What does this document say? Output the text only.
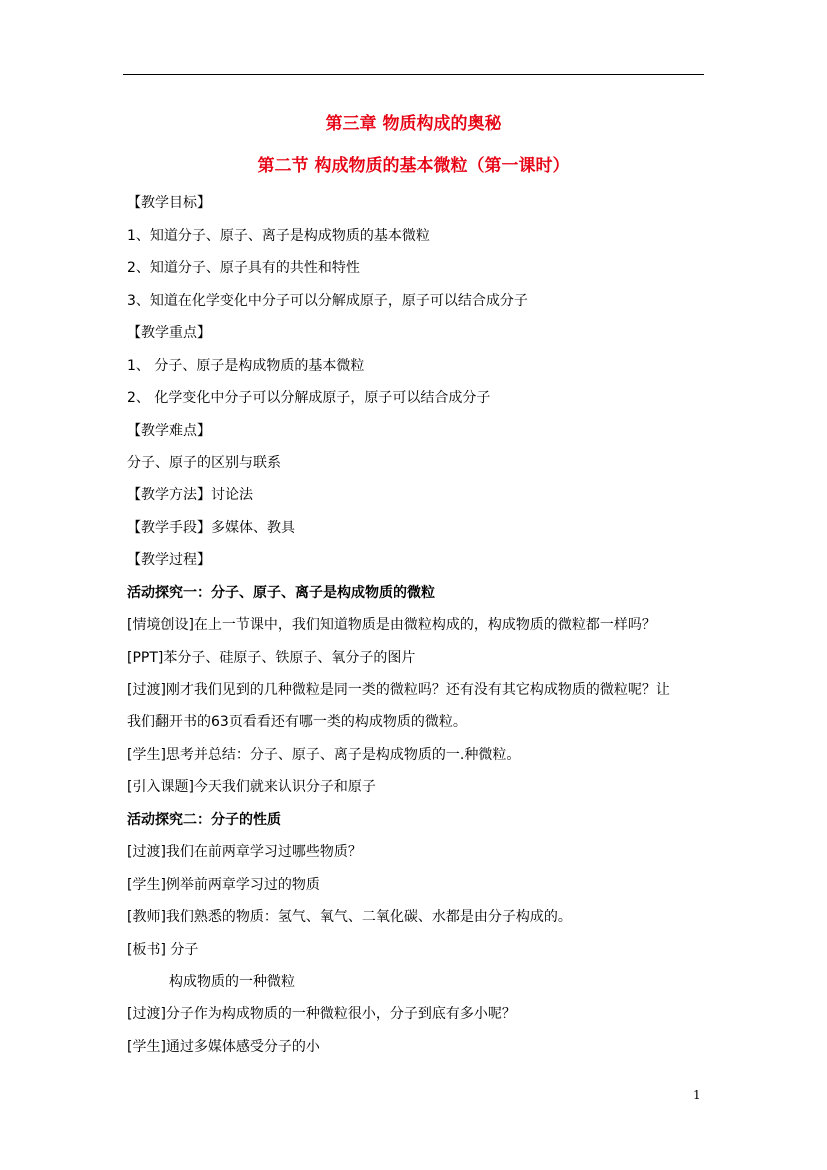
第三章 物质构成的奥秘
第二节 构成物质的基本微粒（第一课时）
【教学目标】
1、知道分子、原子、离子是构成物质的基本微粒
2、知道分子、原子具有的共性和特性
3、知道在化学变化中分子可以分解成原子，原子可以结合成分子
【教学重点】
1、 分子、原子是构成物质的基本微粒
2、 化学变化中分子可以分解成原子，原子可以结合成分子
【教学难点】
分子、原子的区别与联系
【教学方法】讨论法
【教学手段】多媒体、教具
【教学过程】
活动探究一：分子、原子、离子是构成物质的微粒
[情境创设]在上一节课中，我们知道物质是由微粒构成的，构成物质的微粒都一样吗？
[PPT]苯分子、硅原子、铁原子、氧分子的图片
[过渡]刚才我们见到的几种微粒是同一类的微粒吗？还有没有其它构成物质的微粒呢？让
我们翻开书的63页看看还有哪一类的构成物质的微粒。
[学生]思考并总结：分子、原子、离子是构成物质的一.种微粒。
[引入课题]今天我们就来认识分子和原子
活动探究二：分子的性质
[过渡]我们在前两章学习过哪些物质？
[学生]例举前两章学习过的物质
[教师]我们熟悉的物质：氢气、氧气、二氧化碳、水都是由分子构成的。
[板书] 分子
构成物质的一种微粒
[过渡]分子作为构成物质的一种微粒很小，分子到底有多小呢？
[学生]通过多媒体感受分子的小
1
